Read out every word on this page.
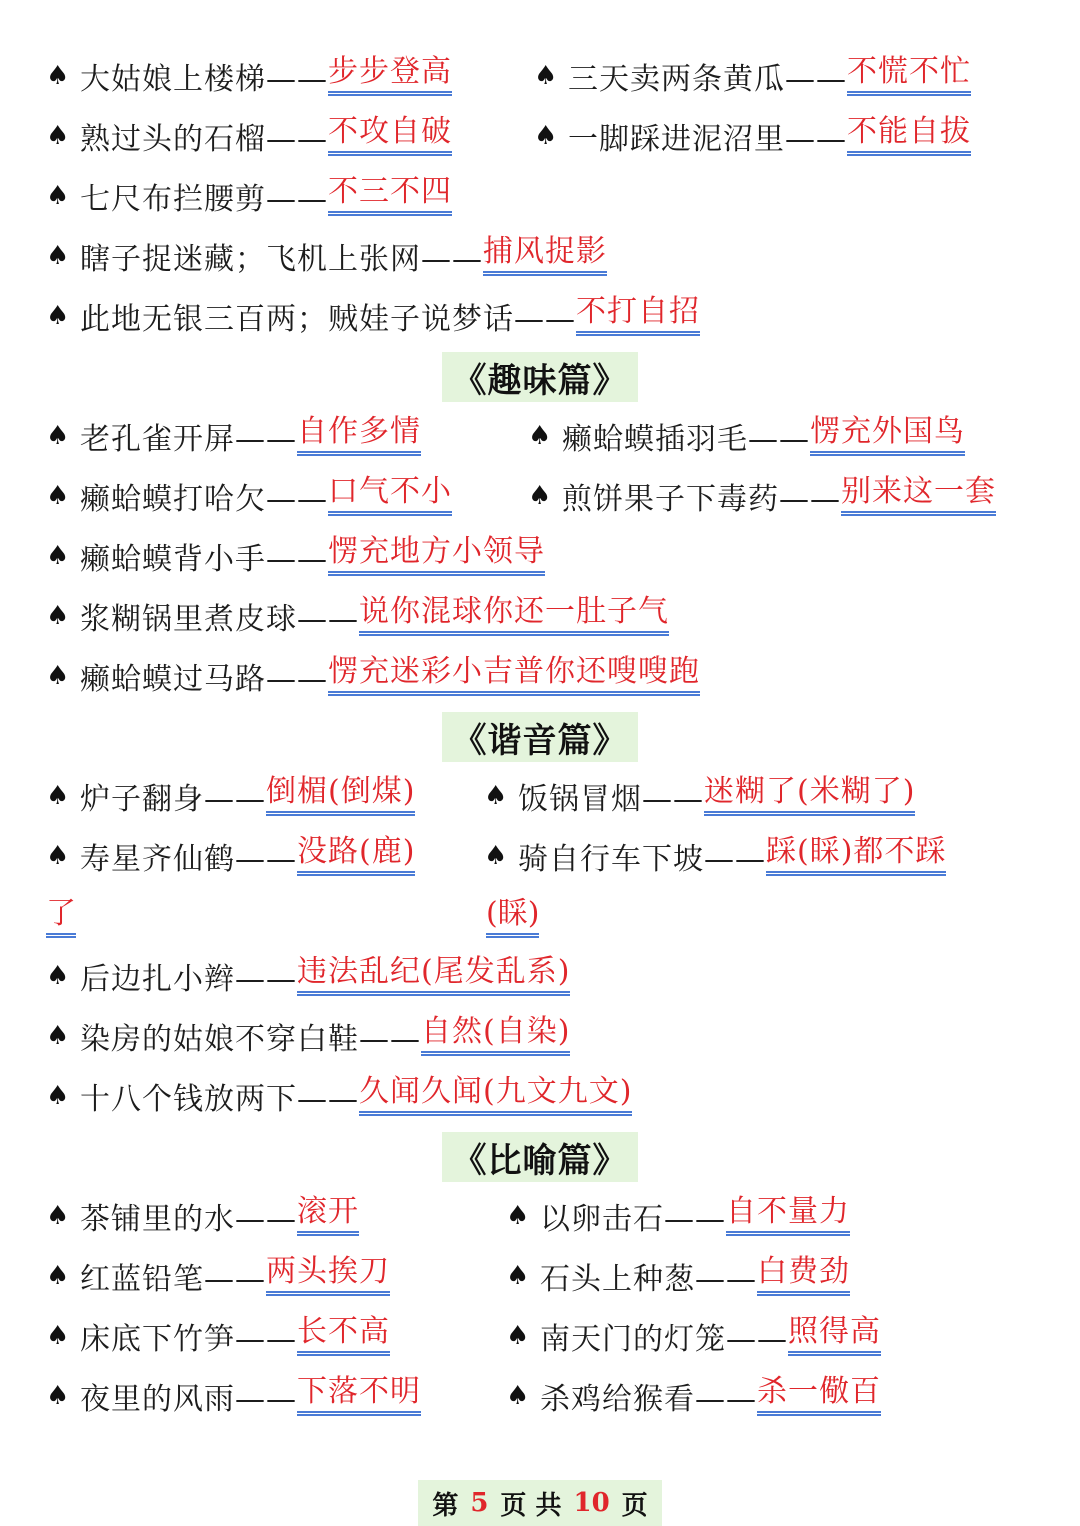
♠ 大姑娘上楼梯—— 步步登高	♠ 三天卖两条黄瓜—— 不慌不忙
♠ 熟过头的石榴—— 不攻自破	♠ 一脚踩进泥沼里—— 不能自拔
♠ 七尺布拦腰剪—— 不三不四
♠ 瞎子捉迷藏；飞机上张网—— 捕风捉影
♠ 此地无银三百两；贼娃子说梦话—— 不打自招
《趣味篇》
♠ 老孔雀开屏—— 自作多情	♠ 癞蛤蟆插羽毛—— 愣充外国鸟
♠ 癞蛤蟆打哈欠—— 口气不小	♠ 煎饼果子下毒药—— 别来这一套
♠ 癞蛤蟆背小手—— 愣充地方小领导
♠ 浆糊锅里煮皮球—— 说你混球你还一肚子气
♠ 癞蛤蟆过马路—— 愣充迷彩小吉普你还嗖嗖跑
《谐音篇》
♠ 炉子翻身—— 倒楣(倒煤)	♠ 饭锅冒烟—— 迷糊了(米糊了)
♠ 寿星齐仙鹤—— 没路(鹿)	♠ 骑自行车下坡—— 踩(睬)都不踩
了	(睬)
♠ 后边扎小辫—— 违法乱纪(尾发乱系)
♠ 染房的姑娘不穿白鞋—— 自然(自染)
♠ 十八个钱放两下—— 久闻久闻(九文九文)
《比喻篇》
♠ 茶铺里的水—— 滚开	♠ 以卵击石—— 自不量力
♠ 红蓝铅笔—— 两头挨刀	♠ 石头上种葱—— 白费劲
♠ 床底下竹笋—— 长不高	♠ 南天门的灯笼—— 照得高
♠ 夜里的风雨—— 下落不明	♠ 杀鸡给猴看—— 杀一儆百
第 5 页 共 10 页
